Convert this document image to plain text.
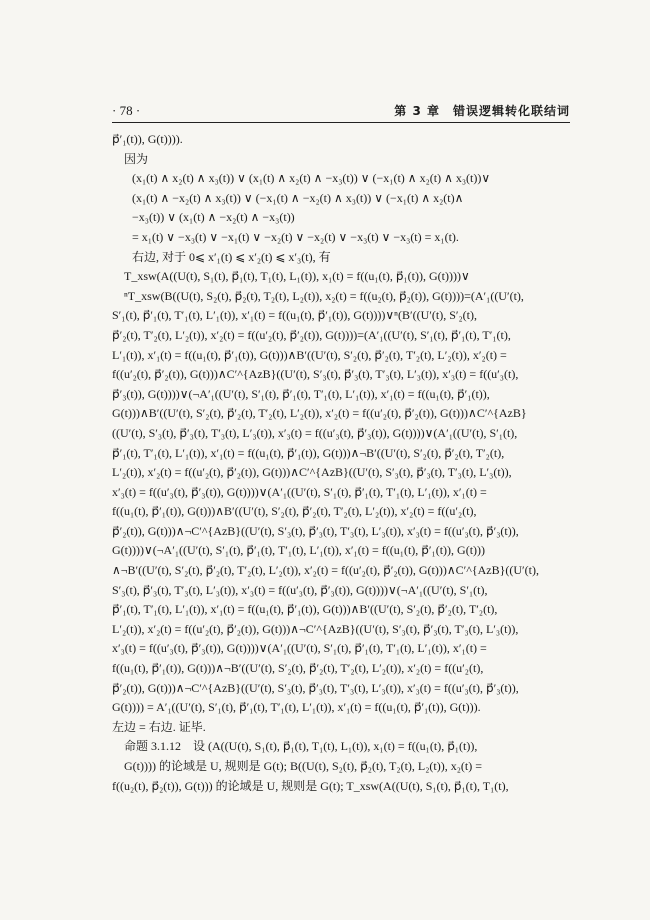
· 78 ·	第 3 章　错误逻辑转化联结词
p⃗′₁(t)), G(t)))).
因为
(x₁(t) ∧ x₂(t) ∧ x₃(t)) ∨ (x₁(t) ∧ x₂(t) ∧ −x₃(t)) ∨ (−x₁(t) ∧ x₂(t) ∧ x₃(t))∨
(x₁(t) ∧ −x₂(t) ∧ x₃(t)) ∨ (−x₁(t) ∧ −x₂(t) ∧ x₃(t)) ∨ (−x₁(t) ∧ x₂(t)∧
−x₃(t)) ∨ (x₁(t) ∧ −x₂(t) ∧ −x₃(t))
= x₁(t) ∨ −x₃(t) ∨ −x₁(t) ∨ −x₂(t) ∨ −x₂(t) ∨ −x₃(t) ∨ −x₃(t) = x₁(t).
右边, 对于 0⩽ x′₁(t) ⩽ x′₂(t) ⩽ x′₃(t), 有
T_xsw(A((U(t), S₁(t), p⃗₁(t), T₁(t), L₁(t)), x₁(t) = f((u₁(t), p⃗₁(t)), G(t))))∨
ⁿT_xsw(B((U(t), S₂(t), p⃗₂(t), T₂(t), L₂(t)), x₂(t) = f((u₂(t), p⃗₂(t)), G(t))))=(A′₁((U′(t),
S′₁(t), p⃗′₁(t), T′₁(t), L′₁(t)), x′₁(t) = f((u₁(t), p⃗′₁(t)), G(t))))∨ⁿ(B′((U′(t), S′₂(t),
p⃗′₂(t), T′₂(t), L′₂(t)), x′₂(t) = f((u′₂(t), p⃗′₂(t)), G(t))))=(A′₁((U′(t), S′₁(t), p⃗′₁(t), T′₁(t),
L′₁(t)), x′₁(t) = f((u₁(t), p⃗′₁(t)), G(t)))∧B′((U′(t), S′₂(t), p⃗′₂(t), T′₂(t), L′₂(t)), x′₂(t) =
f((u′₂(t), p⃗′₂(t)), G(t)))∧C′^{AzB}((U′(t), S′₃(t), p⃗′₃(t), T′₃(t), L′₃(t)), x′₃(t) = f((u′₃(t),
p⃗′₃(t)), G(t))))∨(¬A′₁((U′(t), S′₁(t), p⃗′₁(t), T′₁(t), L′₁(t)), x′₁(t) = f((u₁(t), p⃗′₁(t)),
G(t)))∧B′((U′(t), S′₂(t), p⃗′₂(t), T′₂(t), L′₂(t)), x′₂(t) = f((u′₂(t), p⃗′₂(t)), G(t)))∧C′^{AzB}
((U′(t), S′₃(t), p⃗′₃(t), T′₃(t), L′₃(t)), x′₃(t) = f((u′₃(t), p⃗′₃(t)), G(t))))∨(A′₁((U′(t), S′₁(t),
p⃗′₁(t), T′₁(t), L′₁(t)), x′₁(t) = f((u₁(t), p⃗′₁(t)), G(t)))∧¬B′((U′(t), S′₂(t), p⃗′₂(t), T′₂(t),
L′₂(t)), x′₂(t) = f((u′₂(t), p⃗′₂(t)), G(t)))∧C′^{AzB}((U′(t), S′₃(t), p⃗′₃(t), T′₃(t), L′₃(t)),
x′₃(t) = f((u′₃(t), p⃗′₃(t)), G(t))))∨(A′₁((U′(t), S′₁(t), p⃗′₁(t), T′₁(t), L′₁(t)), x′₁(t) =
f((u₁(t), p⃗′₁(t)), G(t)))∧B′((U′(t), S′₂(t), p⃗′₂(t), T′₂(t), L′₂(t)), x′₂(t) = f((u′₂(t),
p⃗′₂(t)), G(t)))∧¬C′^{AzB}((U′(t), S′₃(t), p⃗′₃(t), T′₃(t), L′₃(t)), x′₃(t) = f((u′₃(t), p⃗′₃(t)),
G(t))))∨(¬A′₁((U′(t), S′₁(t), p⃗′₁(t), T′₁(t), L′₁(t)), x′₁(t) = f((u₁(t), p⃗′₁(t)), G(t)))
∧¬B′((U′(t), S′₂(t), p⃗′₂(t), T′₂(t), L′₂(t)), x′₂(t) = f((u′₂(t), p⃗′₂(t)), G(t)))∧C′^{AzB}((U′(t),
S′₃(t), p⃗′₃(t), T′₃(t), L′₃(t)), x′₃(t) = f((u′₃(t), p⃗′₃(t)), G(t))))∨(¬A′₁((U′(t), S′₁(t),
p⃗′₁(t), T′₁(t), L′₁(t)), x′₁(t) = f((u₁(t), p⃗′₁(t)), G(t)))∧B′((U′(t), S′₂(t), p⃗′₂(t), T′₂(t),
L′₂(t)), x′₂(t) = f((u′₂(t), p⃗′₂(t)), G(t)))∧¬C′^{AzB}((U′(t), S′₃(t), p⃗′₃(t), T′₃(t), L′₃(t)),
x′₃(t) = f((u′₃(t), p⃗′₃(t)), G(t))))∨(A′₁((U′(t), S′₁(t), p⃗′₁(t), T′₁(t), L′₁(t)), x′₁(t) =
f((u₁(t), p⃗′₁(t)), G(t)))∧¬B′((U′(t), S′₂(t), p⃗′₂(t), T′₂(t), L′₂(t)), x′₂(t) = f((u′₂(t),
p⃗′₂(t)), G(t)))∧¬C′^{AzB}((U′(t), S′₃(t), p⃗′₃(t), T′₃(t), L′₃(t)), x′₃(t) = f((u′₃(t), p⃗′₃(t)),
G(t)))) = A′₁((U′(t), S′₁(t), p⃗′₁(t), T′₁(t), L′₁(t)), x′₁(t) = f((u₁(t), p⃗′₁(t)), G(t))).
左边 = 右边. 证毕.
命题 3.1.12　设 (A((U(t), S₁(t), p⃗₁(t), T₁(t), L₁(t)), x₁(t) = f((u₁(t), p⃗₁(t)),
G(t)))) 的论域是 U, 规则是 G(t); B((U(t), S₂(t), p⃗₂(t), T₂(t), L₂(t)), x₂(t) =
f((u₂(t), p⃗₂(t)), G(t))) 的论域是 U, 规则是 G(t); T_xsw(A((U(t), S₁(t), p⃗₁(t), T₁(t),
